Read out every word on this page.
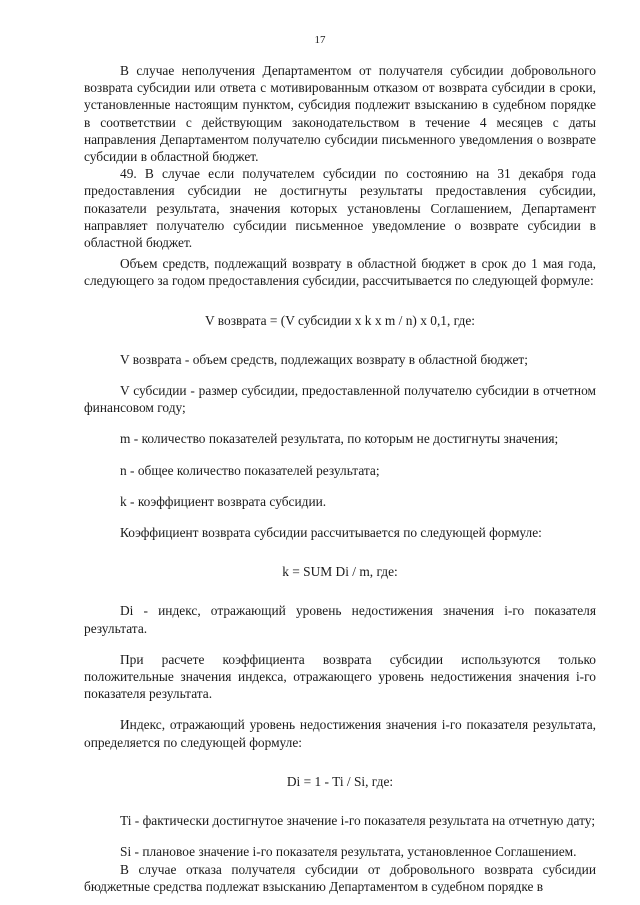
17

В случае неполучения Департаментом от получателя субсидии добровольного возврата субсидии или ответа с мотивированным отказом от возврата субсидии в сроки, установленные настоящим пунктом, субсидия подлежит взысканию в судебном порядке в соответствии с действующим законодательством в течение 4 месяцев с даты направления Департаментом получателю субсидии письменного уведомления о возврате субсидии в областной бюджет.

49. В случае если получателем субсидии по состоянию на 31 декабря года предоставления субсидии не достигнуты результаты предоставления субсидии, показатели результата, значения которых установлены Соглашением, Департамент направляет получателю субсидии письменное уведомление о возврате субсидии в областной бюджет.

Объем средств, подлежащий возврату в областной бюджет в срок до 1 мая года, следующего за годом предоставления субсидии, рассчитывается по следующей формуле:

V возврата = (V субсидии x k x m / n) x 0,1, где:

V возврата - объем средств, подлежащих возврату в областной бюджет;

V субсидии - размер субсидии, предоставленной получателю субсидии в отчетном финансовом году;

m - количество показателей результата, по которым не достигнуты значения;

n - общее количество показателей результата;

k - коэффициент возврата субсидии.

Коэффициент возврата субсидии рассчитывается по следующей формуле:

k = SUM Di / m, где:

Di - индекс, отражающий уровень недостижения значения i-го показателя результата.

При расчете коэффициента возврата субсидии используются только положительные значения индекса, отражающего уровень недостижения значения i-го показателя результата.

Индекс, отражающий уровень недостижения значения i-го показателя результата, определяется по следующей формуле:

Di = 1 - Ti / Si, где:

Ti - фактически достигнутое значение i-го показателя результата на отчетную дату;

Si - плановое значение i-го показателя результата, установленное Соглашением.

В случае отказа получателя субсидии от добровольного возврата субсидии бюджетные средства подлежат взысканию Департаментом в судебном порядке в
